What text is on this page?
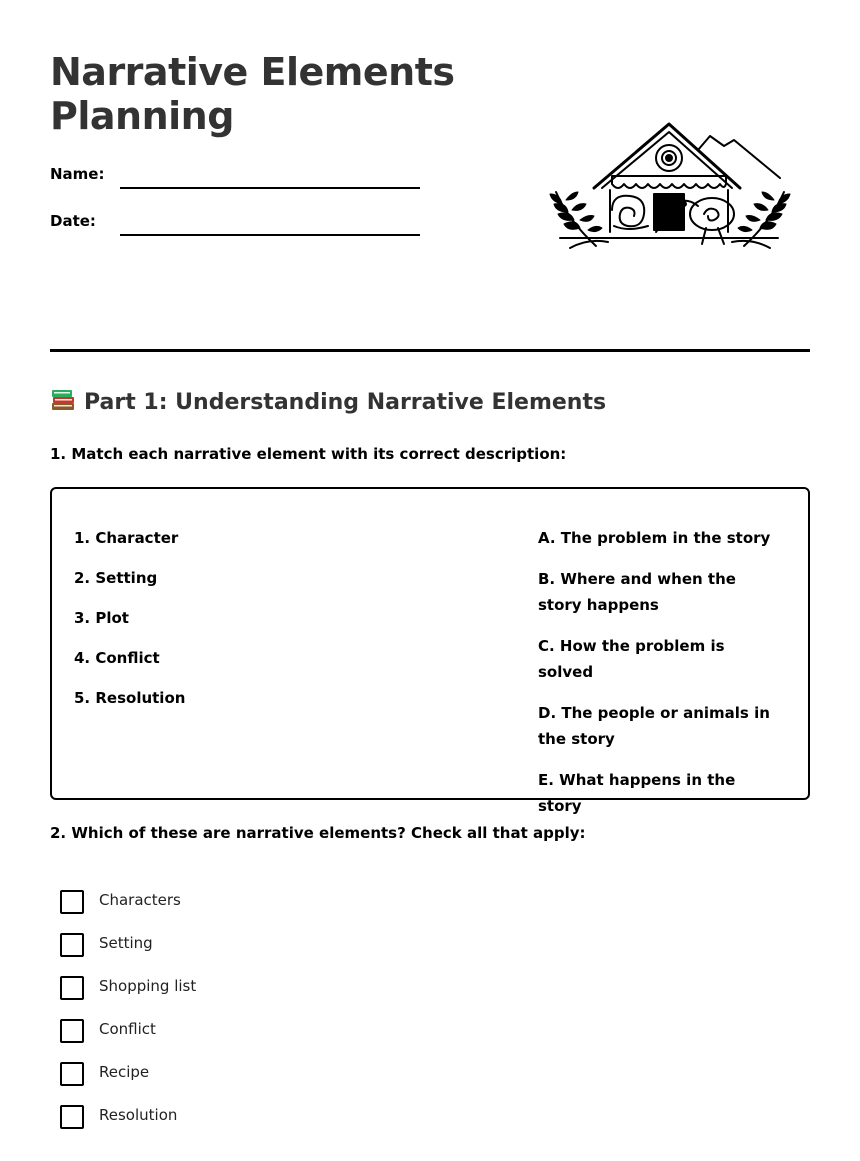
Narrative Elements Planning
Name:
Date:
Part 1: Understanding Narrative Elements

1. Match each narrative element with its correct description:

1. Character

2. Setting

3. Plot

4. Conflict

5. Resolution

A. The problem in the story

B. Where and when the story happens

C. How the problem is solved

D. The people or animals in the story

E. What happens in the story

2. Which of these are narrative elements? Check all that apply:

Characters
Setting
Shopping list
Conflict
Recipe
Resolution
